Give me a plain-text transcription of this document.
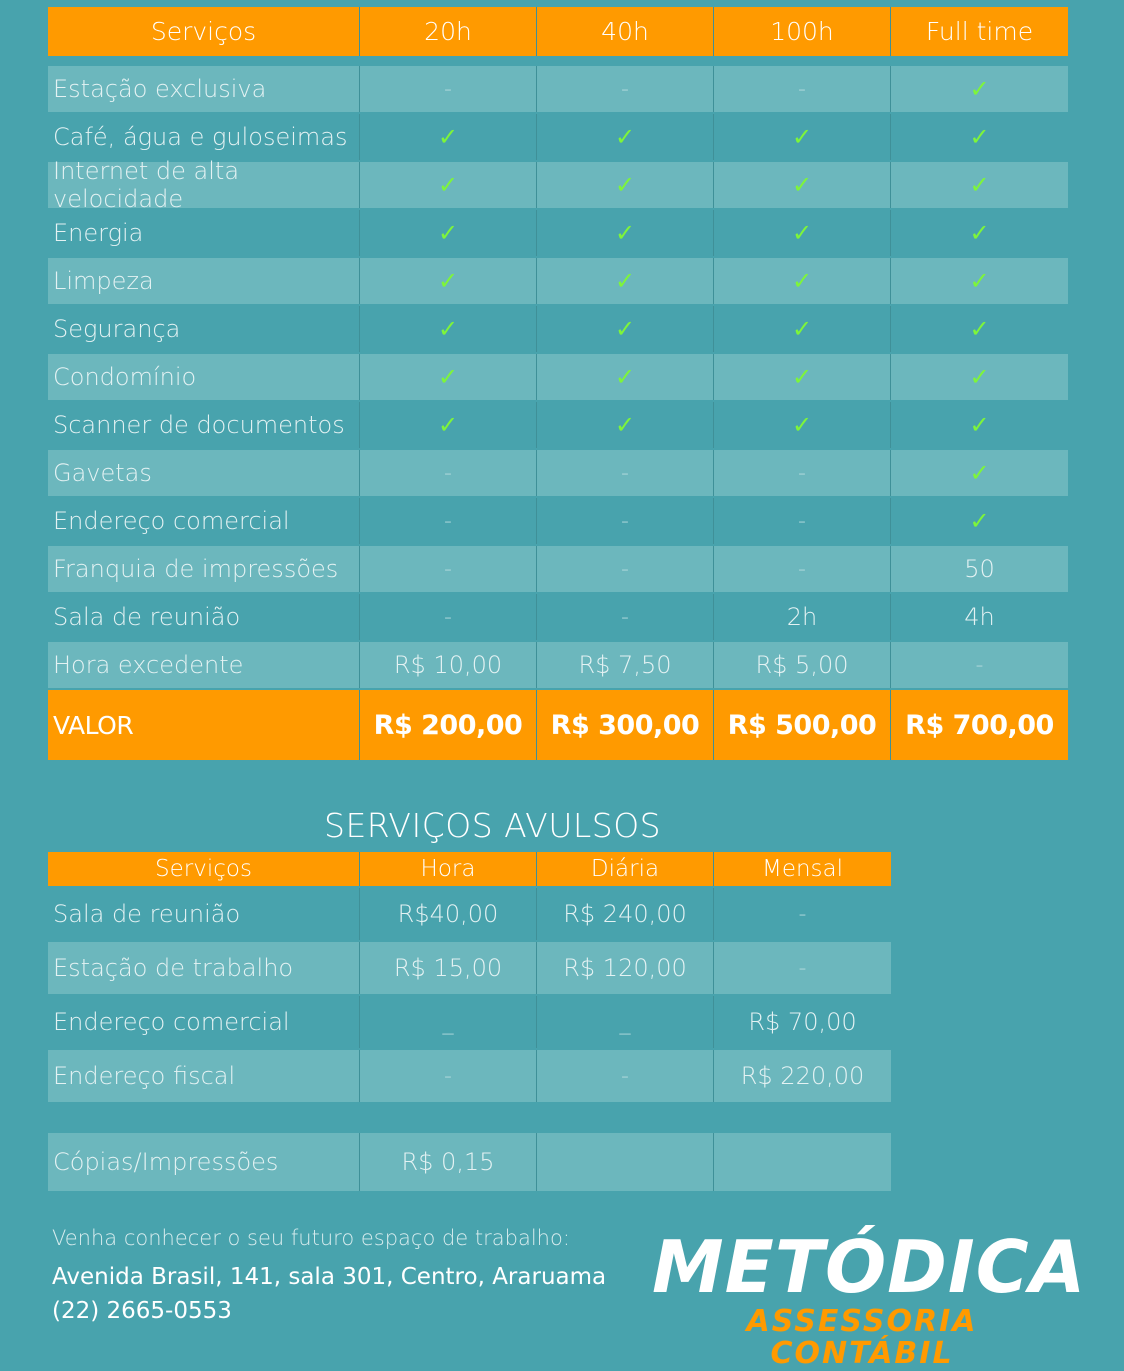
Serviços	20h	40h	100h	Full time
Estação exclusiva	-	-	-	✓
Café, água e guloseimas	✓	✓	✓	✓
Internet de alta velocidade	✓	✓	✓	✓
Energia	✓	✓	✓	✓
Limpeza	✓	✓	✓	✓
Segurança	✓	✓	✓	✓
Condomínio	✓	✓	✓	✓
Scanner de documentos	✓	✓	✓	✓
Gavetas	-	-	-	✓
Endereço comercial	-	-	-	✓
Franquia de impressões	-	-	-	50
Sala de reunião	-	-	2h	4h
Hora excedente	R$ 10,00	R$ 7,50	R$ 5,00	-
VALOR	R$ 200,00	R$ 300,00	R$ 500,00	R$ 700,00
SERVIÇOS AVULSOS
Serviços	Hora	Diária	Mensal
Sala de reunião	R$40,00	R$ 240,00	-
Estação de trabalho	R$ 15,00	R$ 120,00	-
Endereço comercial	_	_	R$ 70,00
Endereço fiscal	-	-	R$ 220,00
Cópias/Impressões	R$ 0,15
Venha conhecer o seu futuro espaço de trabalho:
Avenida Brasil, 141, sala 301, Centro, Araruama
(22) 2665-0553
METÓDICA
ASSESSORIA CONTÁBIL
